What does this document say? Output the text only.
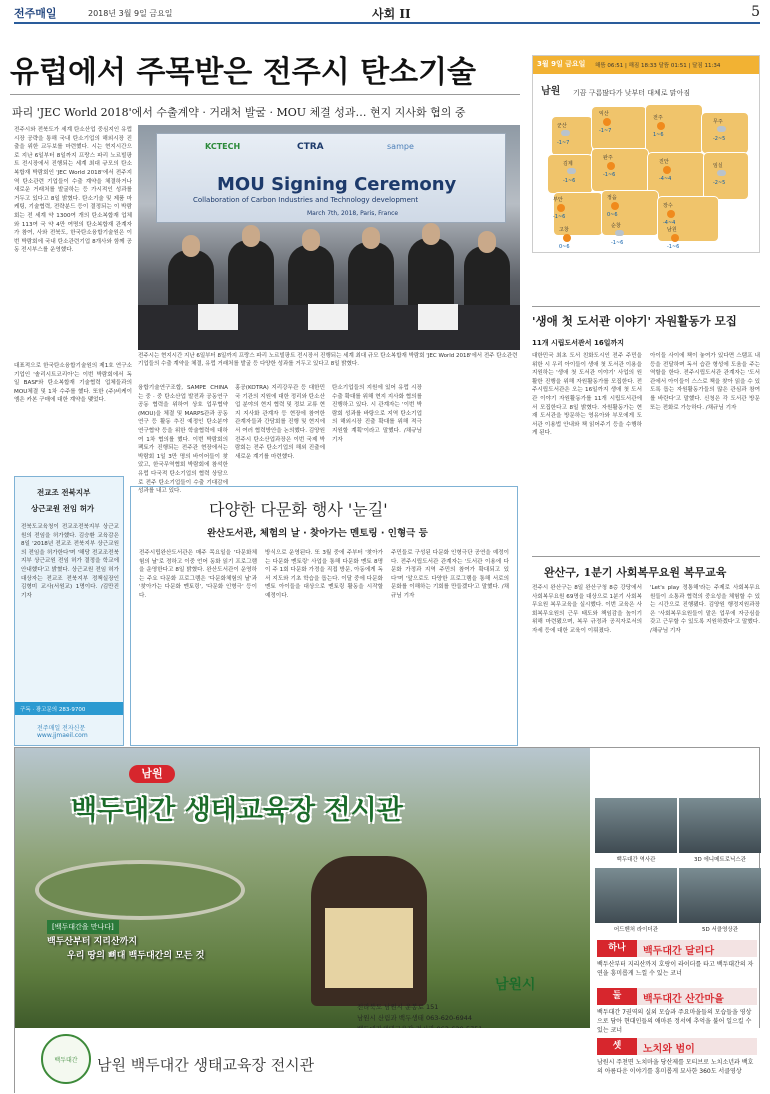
전주매일	2018년 3월 9일 금요일	사회 II	5
유럽에서 주목받은 전주시 탄소기술
파리 'JEC World 2018'에서 수출계약 · 거래처 발굴 · MOU 체결 성과… 현지 지사화 협의 중
전주시와 전북도가 세계 탄소산업 중심지인 유럽시장 공략을 통해 국내 탄소기업의 해외시장 진출을 위한 교두보를 마련했다. 시는 현지시간으로 지난 6일부터 8일까지 프랑스 파리 노르빌팡트 전시장에서 진행되는 세계 최대 규모의 탄소복합재 박람회인 'JEC World 2018'에서 전주지역 탄소관련 기업들이 수출 계약을 체결하거나 새로운 거래처를 발굴하는 등 가시적인 성과를 거두고 있다고 8일 밝혔다. 탄소기술 및 제품 마케팅, 기술협력, 전략분드 등이 결정되는 이 박람회는 전 세계 약 1300여 개의 탄소복합재 업체와 113여 국 약 4만 여명의 탄소복합재 관계자가 참여, 사와 전북도, 한국탄소융합기술원은 이번 박람회에 국내 탄소관련기업 8개사와 함께 공동 전시부스를 운영했다.
대표적으로 한국탄소융합기술원의 제1호 연구소기업인 '솔리시트코리아'는 이번 박람회에서 독일 BASF와 탄소복합재 기술협력 업체들과의 MOU체결 및 1차 수주를 했다. 또한 (주)비케이엠은 카본 구매에 대한 계약을 맺었다.
KCTECH	CTRA	sampe
MOU Signing Ceremony
Collaboration of Carbon Industries and Technology development
March 7th, 2018, Paris, France
전주시는 현지시간 지난 6일부터 8일까지 프랑스 파리 노르빌팡트 전시장서 진행되는 세계 최대 규모 탄소복합재 박람회 'JEC World 2018'에서 전주 탄소관련 기업들의 수출 계약을 체결, 유럽 거래처를 발굴 등 다양한 성과를 거두고 있다고 8일 밝혔다.
융합기술연구조합, SAMPE CHINA는 중 · 중 탄소산업 발전과 공동연구 공동 협력을 위하여 상호 업무협약(MOU)을 체결 및 MARPS관과 공동연구 등 활동 추진 예정인 탄소분야 연구협약 등을 위한 학술협력에 대하여 1차 협의를 했다. 이번 박람회의 팩토가 진행되는 전주관 현장에서는 박람회 1일 3만 명의 바이어들이 찾았고, 한국무역협회 박람회에 참석한 유럽 다국적 탄소기업의 협력 상담으로 전주 탄소기업들이 수출 기대감에 성과를 내고 있다.
홍공(KOTRA) 지리강무관 등 대한민국 기관의 지원에 대한 정리와 탄소산업 분야의 현지 협력 및 정보 교류 현지 지사화 관계자 등 현장에 참여한 관계자들과 간담회를 진행 및 현지에서 여러 협력방안을 논의했다. 김양원 전주시 탄소산업과장은 이번 국제 박람회는 전주 탄소기업의 해외 진출에 새로운 계기를 마련했다.
탄소기업들의 지원에 있어 유럽 시장 수출 확대를 위해 현지 지사화 협의를 진행하고 있다. 시 관계자는 '이번 박람회 성과를 바탕으로 지역 탄소기업의 해외시장 진출 확대를 위해 적극 지원할 계획'이라고 말했다. /채규님 기자
3월 9일 금요일 해뜸 06:51 | 해짐 18:33 달뜸 01:51 | 달짐 11:34
남원 기끔 구름많다가 낮부터 대체로 맑아짐
군산
-1~7
익산
-1~7
전주
1~6
김제
-1~6
완주
-1~6
진안
-4~4
무주
-2~5
부안
-1~6
정읍
0~6
임실
-2~5
장수
-4~4
고창
0~6
순창
-1~6
남원
-1~6
'생애 첫 도서관 이야기' 자원활동가 모집
11개 시립도서관서 16일까지
대한민국 최초 도서 친화도시인 전주 주민을 위한 시 우리 아이들이 생애 첫 도서관 이용을 지원하는 '생애 첫 도서관 이야기' 사업의 원활한 진행을 위해 자원활동가를 모집한다. 전주시립도서관은 오는 16일까지 생애 첫 도서관 이야기 자원활동가를 11개 시립도서관에서 모집한다고 8일 밝혔다. 자원활동가는 현재 도서관을 방문하는 영유아와 부모에게 도서관 이용법 안내와 책 읽어주기 등을 수행하게 된다.
아이들 사이에 책이 놓여가 있다면 스탬프 내 등을 전달하며 독서 습관 형성에 도움을 주는 역할을 한다. 전주시립도서관 관계자는 '도서관에서 아이들이 스스로 책을 찾아 읽을 수 있도록 돕는 자원활동가들의 많은 관심과 참여를 바란다'고 말했다. 신청은 각 도서관 방문 또는 전화로 가능하다. /채규님 기자
완산구, 1분기 사회복무요원 복무교육
전주시 완산구는 8일 완산구청 8층 강당에서 사회복무요원 69명을 대상으로 1분기 사회복무요원 복무교육을 실시했다. 이번 교육은 사회복무요원의 근무 태도와 책임감을 높이기 위해 마련됐으며, 복무 규정과 공직자로서의 자세 등에 대한 교육이 이뤄졌다.
'Let's play 정통해'라는 주제로 사회복무요원들이 소통과 협력의 중요성을 체험할 수 있는 시간으로 진행됐다. 김양원 행정지원과장은 '사회복무요원들이 맡은 업무에 자긍심을 갖고 근무할 수 있도록 지원하겠다'고 말했다. /채규님 기자
전교조 전북지부
상근교원 전임 허가
전북도교육청이 전교조전북지부 상근교원의 전임을 허가했다. 김승환 교육감은 8일 '2018년 전교조 전북지부 상근교원의 전임을 허가한다'며 '해당 전교조전북지부 상근교원 전임 허가 결정을 학교에 안내했다'고 밝혔다. 상근교원 전임 허가 대상자는 전교조 전북지부 정책실장인 김형미 교사(서원교) 1명이다. /김만진 기자
구독 · 광고문의 283-9700
전주매일 전자신문
www.jjmaeil.com
다양한 다문화 행사 '눈길'
완산도서관, 체험의 날 · 찾아가는 멘토링 · 인형극 등
전주시립완산도서관은 매주 목요일을 '다문화체험의 날'로 정하고 이중 언어 동화 읽기 프로그램을 운영한다고 8일 밝혔다. 완산도서관이 운영하는 주요 다문화 프로그램은 '다문화체험의 날'과 '찾아가는 다문화 멘토링', '다문화 인형극' 등이다.
방식으로 운영된다. 또 3월 중에 주부터 '찾아가는 다문화 멘토링' 사업을 통해 다문화 멘토 8명이 주 1회 다문화 가정을 직접 방문, 아동에게 독서 지도와 기초 학습을 돕는다. 이달 중에 다문화 멘토 아이들을 대상으로 멘토링 활동을 시작할 예정이다.
주민들로 구성된 다문화 인형극단 공연을 예정이다. 전주시립도서관 관계자는 '도서관 이용에 다문화 가정과 지역 주민의 참여가 확대되고 있다'며 '앞으로도 다양한 프로그램을 통해 서로의 문화를 이해하는 기회를 만들겠다'고 말했다. /채규님 기자
남원
백두대간 생태교육장 전시관
[백두대간을 만나다]
백두산부터 지리산까지
우리 땅의 뼈대 백두대간의 모든 것
남원시
전라북도 남원시 운봉로 151
남원시 산림과 백두생태 063-620-6944
백두대간	남원 백두대간 생태교육장 전시관
백두대간 역사관	3D 에니메트로닉스관
어드벤처 라이더관	5D 서클영상관
하나	백두대간 달리다
백두산부터 지리산까지 호랑이 라이더를 타고 백두대간의 자연을 흥미롭게 느낄 수 있는 코너
둘	백두대간 산간마을
백두대간 7권역의 실외 모습과 주요마을들의 모습들을 영상으로 담아 현대인들의 애마른 정서에 추억을 불어 일으킬 수 있는 코너
셋	노치와 범이
남원시 주천면 노치마을 당산제를 모티브로 노치소년과 백호의 아름다운 이야기를 흥미롭게 묘사한 360도 서클영상
